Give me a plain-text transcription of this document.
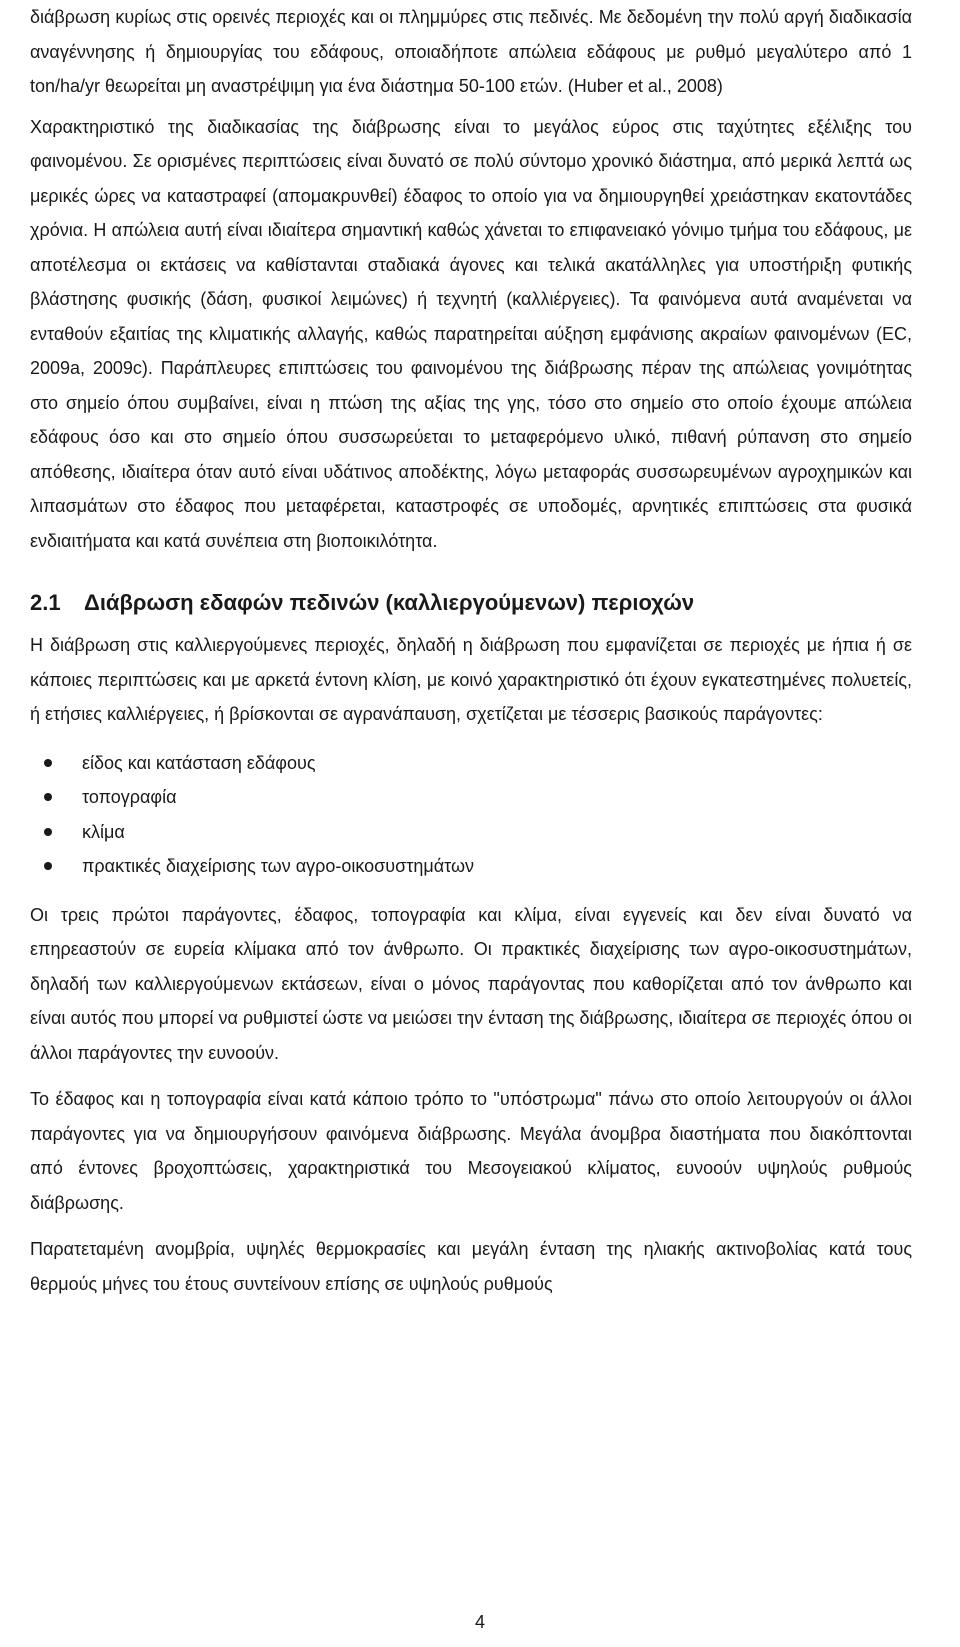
διάβρωση κυρίως στις ορεινές περιοχές και οι πλημμύρες στις πεδινές. Με δεδομένη την πολύ αργή διαδικασία αναγέννησης ή δημιουργίας του εδάφους, οποιαδήποτε απώλεια εδάφους με ρυθμό μεγαλύτερο από 1 ton/ha/yr θεωρείται μη αναστρέψιμη για ένα διάστημα 50-100 ετών. (Huber et al., 2008)

Χαρακτηριστικό της διαδικασίας της διάβρωσης είναι το μεγάλος εύρος στις ταχύτητες εξέλιξης του φαινομένου. Σε ορισμένες περιπτώσεις είναι δυνατό σε πολύ σύντομο χρονικό διάστημα, από μερικά λεπτά ως μερικές ώρες να καταστραφεί (απομακρυνθεί) έδαφος το οποίο για να δημιουργηθεί χρειάστηκαν εκατοντάδες χρόνια. Η απώλεια αυτή είναι ιδιαίτερα σημαντική καθώς χάνεται το επιφανειακό γόνιμο τμήμα του εδάφους, με αποτέλεσμα οι εκτάσεις να καθίστανται σταδιακά άγονες και τελικά ακατάλληλες για υποστήριξη φυτικής βλάστησης φυσικής (δάση, φυσικοί λειμώνες) ή τεχνητή (καλλιέργειες). Τα φαινόμενα αυτά αναμένεται να ενταθούν εξαιτίας της κλιματικής αλλαγής, καθώς παρατηρείται αύξηση εμφάνισης ακραίων φαινομένων (EC, 2009a, 2009c). Παράπλευρες επιπτώσεις του φαινομένου της διάβρωσης πέραν της απώλειας γονιμότητας στο σημείο όπου συμβαίνει, είναι η πτώση της αξίας της γης, τόσο στο σημείο στο οποίο έχουμε απώλεια εδάφους όσο και στο σημείο όπου συσσωρεύεται το μεταφερόμενο υλικό, πιθανή ρύπανση στο σημείο απόθεσης, ιδιαίτερα όταν αυτό είναι υδάτινος αποδέκτης, λόγω μεταφοράς συσσωρευμένων αγροχημικών και λιπασμάτων στο έδαφος που μεταφέρεται, καταστροφές σε υποδομές, αρνητικές επιπτώσεις στα φυσικά ενδιαιτήματα και κατά συνέπεια στη βιοποικιλότητα.

2.1	Διάβρωση εδαφών πεδινών (καλλιεργούμενων) περιοχών

Η διάβρωση στις καλλιεργούμενες περιοχές, δηλαδή η διάβρωση που εμφανίζεται σε περιοχές με ήπια ή σε κάποιες περιπτώσεις και με αρκετά έντονη κλίση, με κοινό χαρακτηριστικό ότι έχουν εγκατεστημένες πολυετείς, ή ετήσιες καλλιέργειες, ή βρίσκονται σε αγρανάπαυση, σχετίζεται με τέσσερις βασικούς παράγοντες:

είδος και κατάσταση εδάφους
τοπογραφία
κλίμα
πρακτικές διαχείρισης των αγρο-οικοσυστημάτων

Οι τρεις πρώτοι παράγοντες, έδαφος, τοπογραφία και κλίμα, είναι εγγενείς και δεν είναι δυνατό να επηρεαστούν σε ευρεία κλίμακα από τον άνθρωπο. Οι πρακτικές διαχείρισης των αγρο-οικοσυστημάτων, δηλαδή των καλλιεργούμενων εκτάσεων, είναι ο μόνος παράγοντας που καθορίζεται από τον άνθρωπο και είναι αυτός που μπορεί να ρυθμιστεί ώστε να μειώσει την ένταση της διάβρωσης, ιδιαίτερα σε περιοχές όπου οι άλλοι παράγοντες την ευνοούν.

Το έδαφος και η τοπογραφία είναι κατά κάποιο τρόπο το "υπόστρωμα" πάνω στο οποίο λειτουργούν οι άλλοι παράγοντες για να δημιουργήσουν φαινόμενα διάβρωσης. Μεγάλα άνομβρα διαστήματα που διακόπτονται από έντονες βροχοπτώσεις, χαρακτηριστικά του Μεσογειακού κλίματος, ευνοούν υψηλούς ρυθμούς διάβρωσης.

Παρατεταμένη ανομβρία, υψηλές θερμοκρασίες και μεγάλη ένταση της ηλιακής ακτινοβολίας κατά τους θερμούς μήνες του έτους συντείνουν επίσης σε υψηλούς ρυθμούς

4
